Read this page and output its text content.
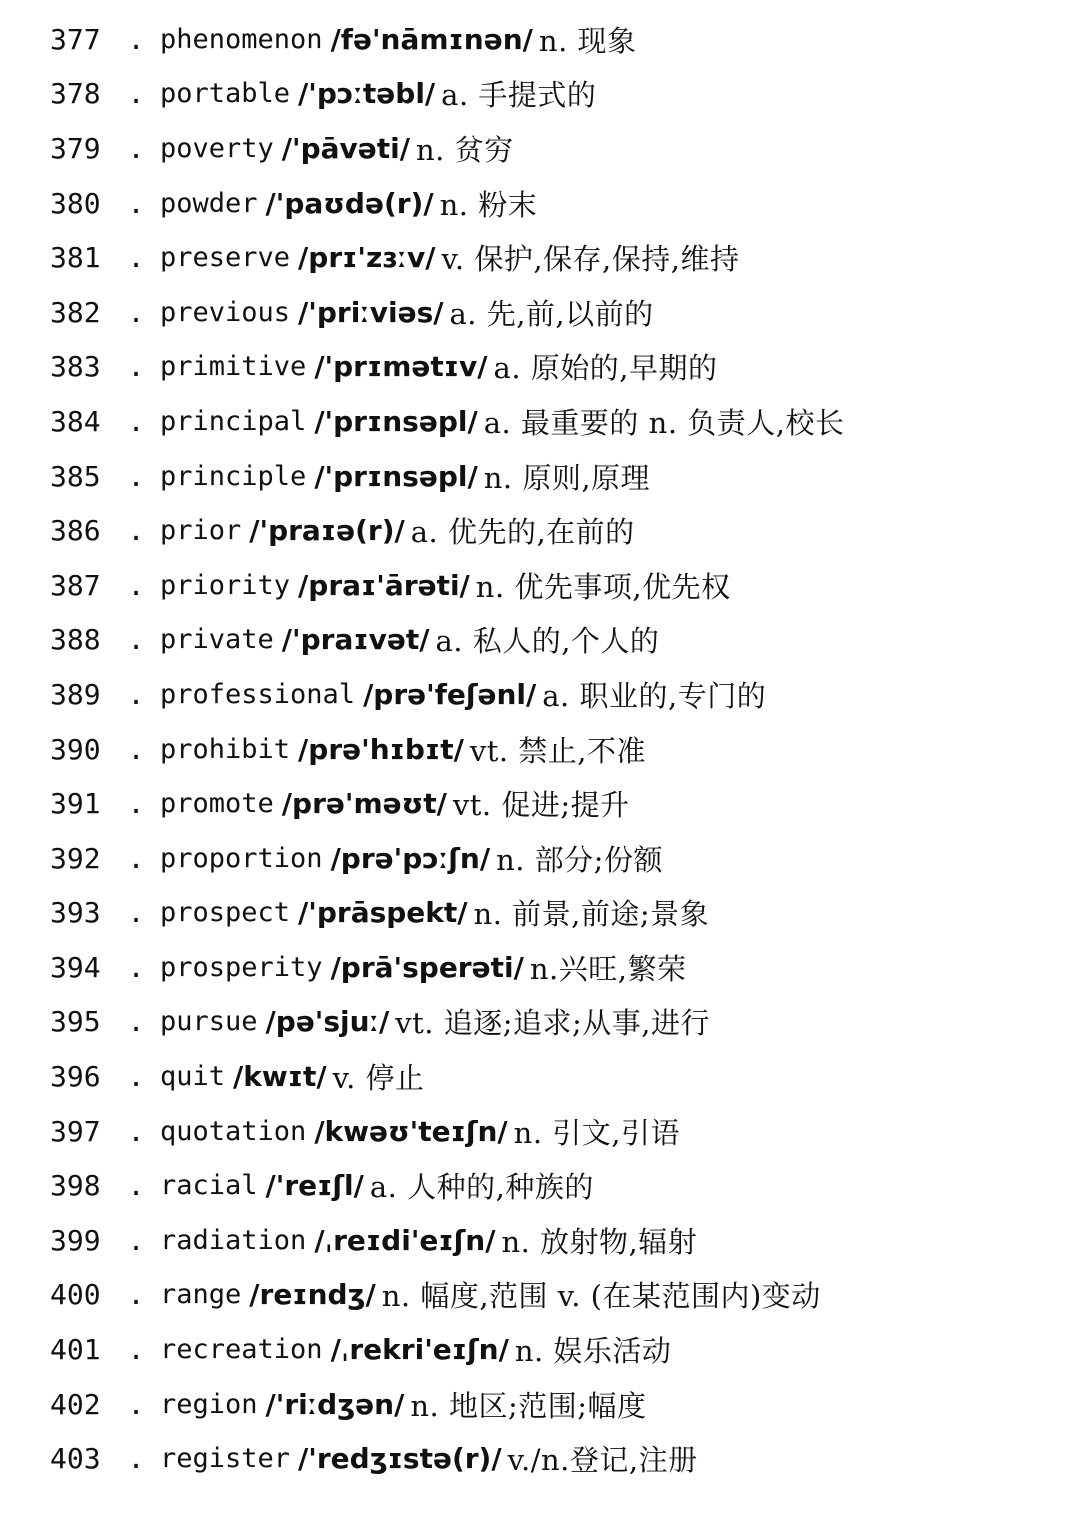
377 . phenomenon /fə'nāmɪnən/ n. 现象
378 . portable /'pɔːtəbl/ a. 手提式的
379 . poverty /'pāvəti/ n. 贫穷
380 . powder /'paʊdə(r)/ n. 粉末
381 . preserve /prɪ'zɜːv/ v. 保护,保存,保持,维持
382 . previous /'priːviəs/ a. 先,前,以前的
383 . primitive /'prɪmətɪv/ a. 原始的,早期的
384 . principal /'prɪnsəpl/ a. 最重要的 n. 负责人,校长
385 . principle /'prɪnsəpl/ n. 原则,原理
386 . prior /'praɪə(r)/ a. 优先的,在前的
387 . priority /praɪ'ārəti/ n. 优先事项,优先权
388 . private /'praɪvət/ a. 私人的,个人的
389 . professional /prə'feʃənl/ a. 职业的,专门的
390 . prohibit /prə'hɪbɪt/ vt. 禁止,不准
391 . promote /prə'məʊt/ vt. 促进;提升
392 . proportion /prə'pɔːʃn/ n. 部分;份额
393 . prospect /'prāspekt/ n. 前景,前途;景象
394 . prosperity /prā'sperəti/ n.兴旺,繁荣
395 . pursue /pə'sjuː/ vt. 追逐;追求;从事,进行
396 . quit /kwɪt/ v. 停止
397 . quotation /kwəʊ'teɪʃn/ n. 引文,引语
398 . racial /'reɪʃl/ a. 人种的,种族的
399 . radiation /ˌreɪdi'eɪʃn/ n. 放射物,辐射
400 . range /reɪndʒ/ n. 幅度,范围 v. (在某范围内)变动
401 . recreation /ˌrekri'eɪʃn/ n. 娱乐活动
402 . region /'riːdʒən/ n. 地区;范围;幅度
403 . register /'redʒɪstə(r)/ v./n.登记,注册
